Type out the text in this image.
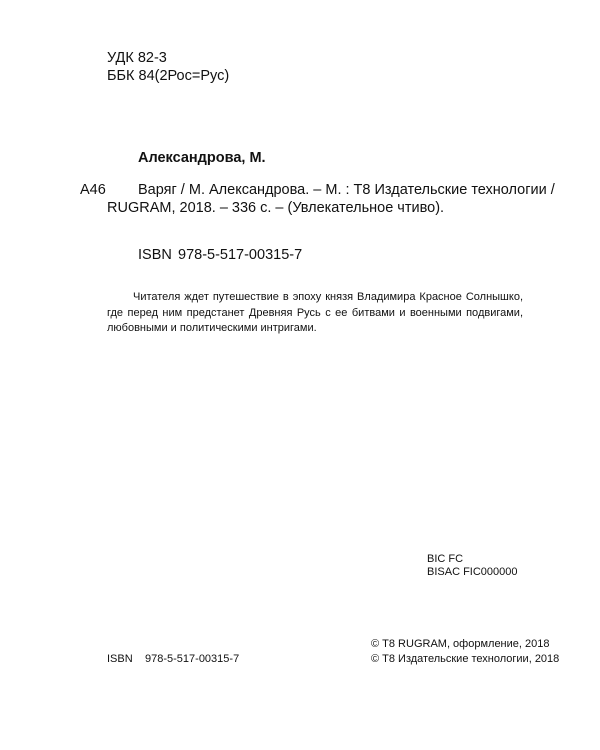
УДК 82-3
ББК 84(2Рос=Рус)
Александрова, М.
А46 Варяг / М. Александрова. – М. : Т8 Издательские технологии /
RUGRAM, 2018. – 336 с. – (Увлекательное чтиво).
ISBN 978-5-517-00315-7

Читателя ждет путешествие в эпоху князя Владимира Красное Солнышко, где перед ним предстанет Древняя Русь с ее битвами и военными подвигами, любовными и политическими интригами.

BIC FC
BISAC FIC000000
© Т8 RUGRAM, оформление, 2018
ISBN 978-5-517-00315-7	© Т8 Издательские технологии, 2018
